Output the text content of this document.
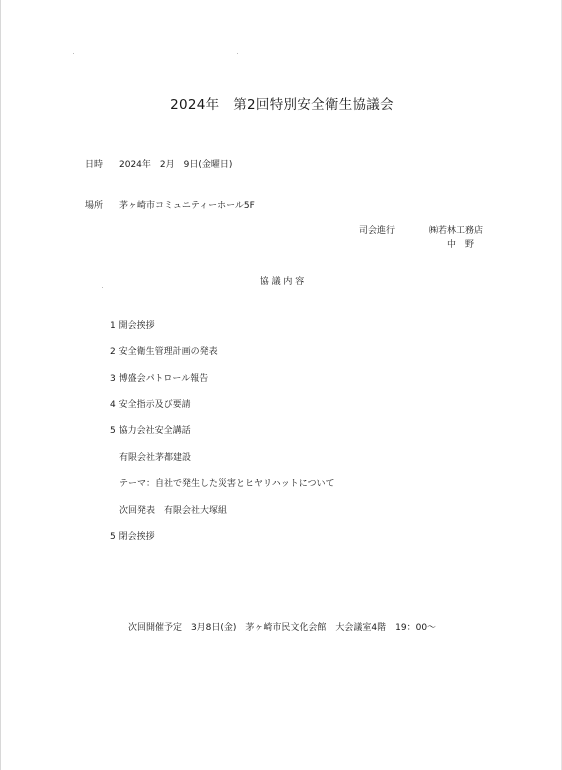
2024年　第2回特別安全衛生協議会
日時 2024年　2月　9日(金曜日)
場所 茅ヶ崎市コミュニティーホール5F
司会進行	㈱若林工務店
中　野
協 議 内 容
1 開会挨拶
2 安全衛生管理計画の発表
3 博盛会パトロール報告
4 安全指示及び要請
5 協力会社安全講話
有限会社茅都建設
テーマ：自社で発生した災害とヒヤリハットについて
次回発表　有限会社大塚組
5 閉会挨拶
次回開催予定　3月8日(金)　茅ヶ崎市民文化会館　大会議室4階　19：00～
